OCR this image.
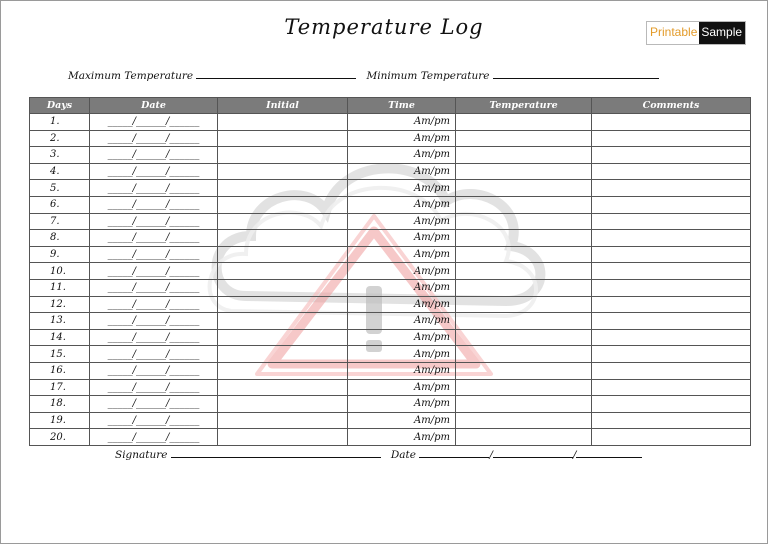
Temperature Log	Printable Sample
Maximum Temperature	Minimum Temperature
Days	Date	Initial	Time	Temperature	Comments
1.	_____/______/______		Am/pm		
2.	_____/______/______		Am/pm		
3.	_____/______/______		Am/pm		
4.	_____/______/______		Am/pm		
5.	_____/______/______		Am/pm		
6.	_____/______/______		Am/pm		
7.	_____/______/______		Am/pm		
8.	_____/______/______		Am/pm		
9.	_____/______/______		Am/pm		
10.	_____/______/______		Am/pm		
11.	_____/______/______		Am/pm		
12.	_____/______/______		Am/pm		
13.	_____/______/______		Am/pm		
14.	_____/______/______		Am/pm		
15.	_____/______/______		Am/pm		
16.	_____/______/______		Am/pm		
17.	_____/______/______		Am/pm		
18.	_____/______/______		Am/pm		
19.	_____/______/______		Am/pm		
20.	_____/______/______		Am/pm		
Signature	Date	/	/
